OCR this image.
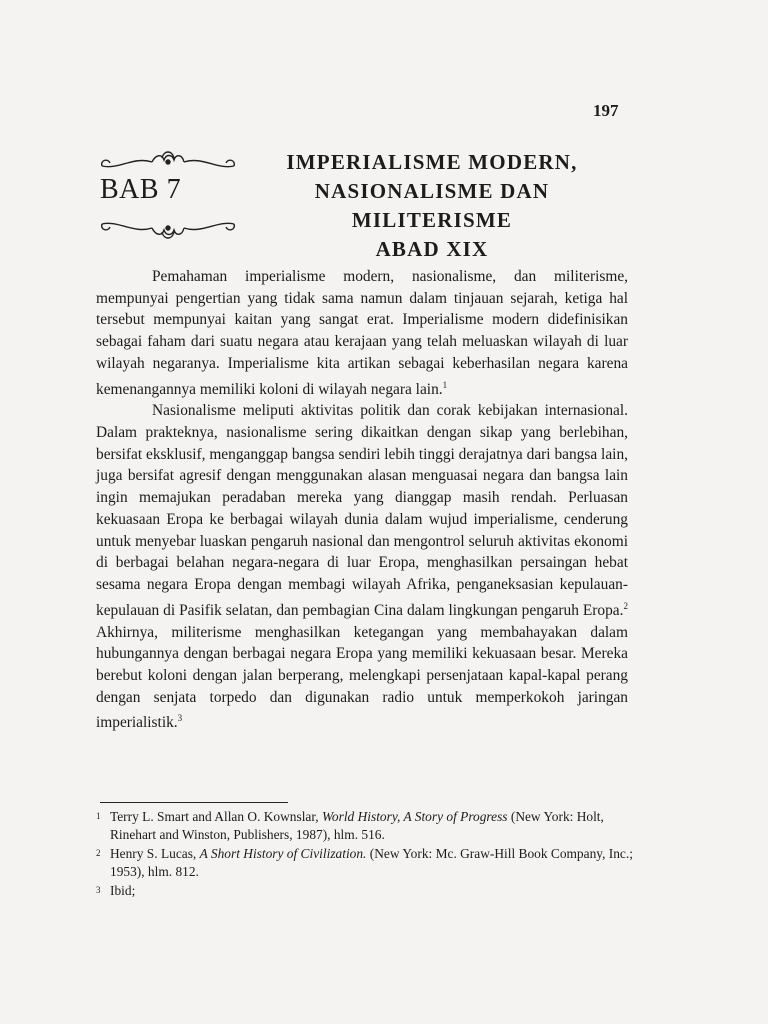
197
BAB 7
IMPERIALISME MODERN,
NASIONALISME DAN
MILITERISME
ABAD XIX

Pemahaman imperialisme modern, nasionalisme, dan militerisme, mempunyai pengertian yang tidak sama namun dalam tinjauan sejarah, ketiga hal tersebut mempunyai kaitan yang sangat erat. Imperialisme modern didefinisikan sebagai faham dari suatu negara atau kerajaan yang telah meluaskan wilayah di luar wilayah negaranya. Imperialisme kita artikan sebagai keberhasilan negara karena kemenangannya memiliki koloni di wilayah negara lain.$^1$

Nasionalisme meliputi aktivitas politik dan corak kebijakan internasional. Dalam prakteknya, nasionalisme sering dikaitkan dengan sikap yang berlebihan, bersifat eksklusif, menganggap bangsa sendiri lebih tinggi derajatnya dari bangsa lain, juga bersifat agresif dengan menggunakan alasan menguasai negara dan bangsa lain ingin memajukan peradaban mereka yang dianggap masih rendah. Perluasan kekuasaan Eropa ke berbagai wilayah dunia dalam wujud imperialisme, cenderung untuk menyebar luaskan pengaruh nasional dan mengontrol seluruh aktivitas ekonomi di berbagai belahan negara-negara di luar Eropa, menghasilkan persaingan hebat sesama negara Eropa dengan membagi wilayah Afrika, penganeksasian kepulauan-kepulauan di Pasifik selatan, dan pembagian Cina dalam lingkungan pengaruh Eropa.$^2$ Akhirnya, militerisme menghasilkan ketegangan yang membahayakan dalam hubungannya dengan berbagai negara Eropa yang memiliki kekuasaan besar. Mereka berebut koloni dengan jalan berperang, melengkapi persenjataan kapal-kapal perang dengan senjata torpedo dan digunakan radio untuk memperkokoh jaringan imperialistik.$^3$

1 Terry L. Smart and Allan O. Kownslar, World History, A Story of Progress (New York: Holt, Rinehart and Winston, Publishers, 1987), hlm. 516.
2 Henry S. Lucas, A Short History of Civilization. (New York: Mc. Graw-Hill Book Company, Inc.; 1953), hlm. 812.
3 Ibid;
